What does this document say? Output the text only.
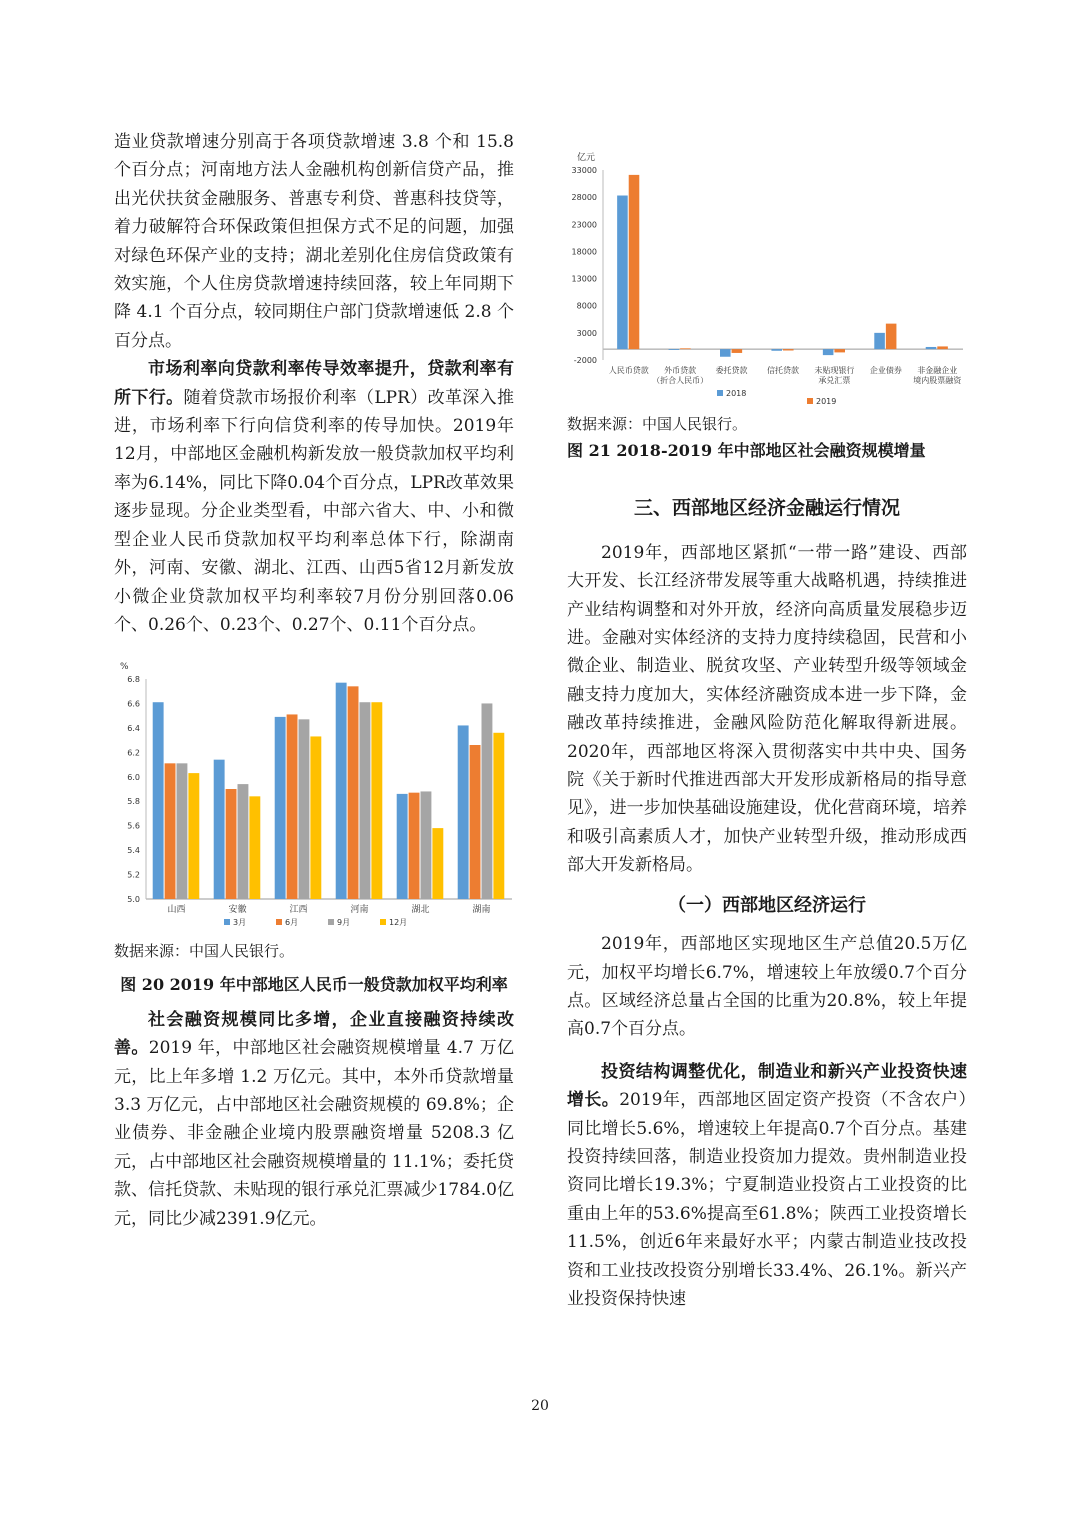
造业贷款增速分别高于各项贷款增速 3.8 个和 15.8 个百分点；河南地方法人金融机构创新信贷产品，推出光伏扶贫金融服务、普惠专利贷、普惠科技贷等，着力破解符合环保政策但担保方式不足的问题，加强对绿色环保产业的支持；湖北差别化住房信贷政策有效实施，个人住房贷款增速持续回落，较上年同期下降 4.1 个百分点，较同期住户部门贷款增速低 2.8 个百分点。

市场利率向贷款利率传导效率提升，贷款利率有所下行。随着贷款市场报价利率（LPR）改革深入推进，市场利率下行向信贷利率的传导加快。2019年12月，中部地区金融机构新发放一般贷款加权平均利率为6.14%，同比下降0.04个百分点，LPR改革效果逐步显现。分企业类型看，中部六省大、中、小和微型企业人民币贷款加权平均利率总体下行，除湖南外，河南、安徽、湖北、江西、山西5省12月新发放小微企业贷款加权平均利率较7月份分别回落0.06个、0.26个、0.23个、0.27个、0.11个百分点。

%
5.0
5.2
5.4
5.6
5.8
6.0
6.2
6.4
6.6
6.8
山西	安徽	江西	河南	湖北	湖南
3月	6月	9月	12月

数据来源：中国人民银行。

图 20 2019 年中部地区人民币一般贷款加权平均利率

社会融资规模同比多增，企业直接融资持续改善。2019 年，中部地区社会融资规模增量 4.7 万亿元，比上年多增 1.2 万亿元。其中，本外币贷款增量 3.3 万亿元，占中部地区社会融资规模的 69.8%；企业债券、非金融企业境内股票融资增量 5208.3 亿元，占中部地区社会融资规模增量的 11.1%；委托贷款、信托贷款、未贴现的银行承兑汇票减少1784.0亿元，同比少减2391.9亿元。

亿元
-2000
3000
8000
13000
18000
23000
28000
33000
人民币贷款 外币贷款
（折合人民币）
委托贷款 信托贷款 未贴现银行
承兑汇票
企业债券 非金融企业
境内股票融资
2018
2019

数据来源：中国人民银行。

图 21 2018-2019 年中部地区社会融资规模增量

三、西部地区经济金融运行情况

2019年，西部地区紧抓“一带一路”建设、西部大开发、长江经济带发展等重大战略机遇，持续推进产业结构调整和对外开放，经济向高质量发展稳步迈进。金融对实体经济的支持力度持续稳固，民营和小微企业、制造业、脱贫攻坚、产业转型升级等领域金融支持力度加大，实体经济融资成本进一步下降，金融改革持续推进，金融风险防范化解取得新进展。2020年，西部地区将深入贯彻落实中共中央、国务院《关于新时代推进西部大开发形成新格局的指导意见》，进一步加快基础设施建设，优化营商环境，培养和吸引高素质人才，加快产业转型升级，推动形成西部大开发新格局。

（一）西部地区经济运行

2019年，西部地区实现地区生产总值20.5万亿元，加权平均增长6.7%，增速较上年放缓0.7个百分点。区域经济总量占全国的比重为20.8%，较上年提高0.7个百分点。

投资结构调整优化，制造业和新兴产业投资快速增长。2019年，西部地区固定资产投资（不含农户）同比增长5.6%，增速较上年提高0.7个百分点。基建投资持续回落，制造业投资加力提效。贵州制造业投资同比增长19.3%；宁夏制造业投资占工业投资的比重由上年的53.6%提高至61.8%；陕西工业投资增长11.5%，创近6年来最好水平；内蒙古制造业技改投资和工业技改投资分别增长33.4%、26.1%。新兴产业投资保持快速

20
